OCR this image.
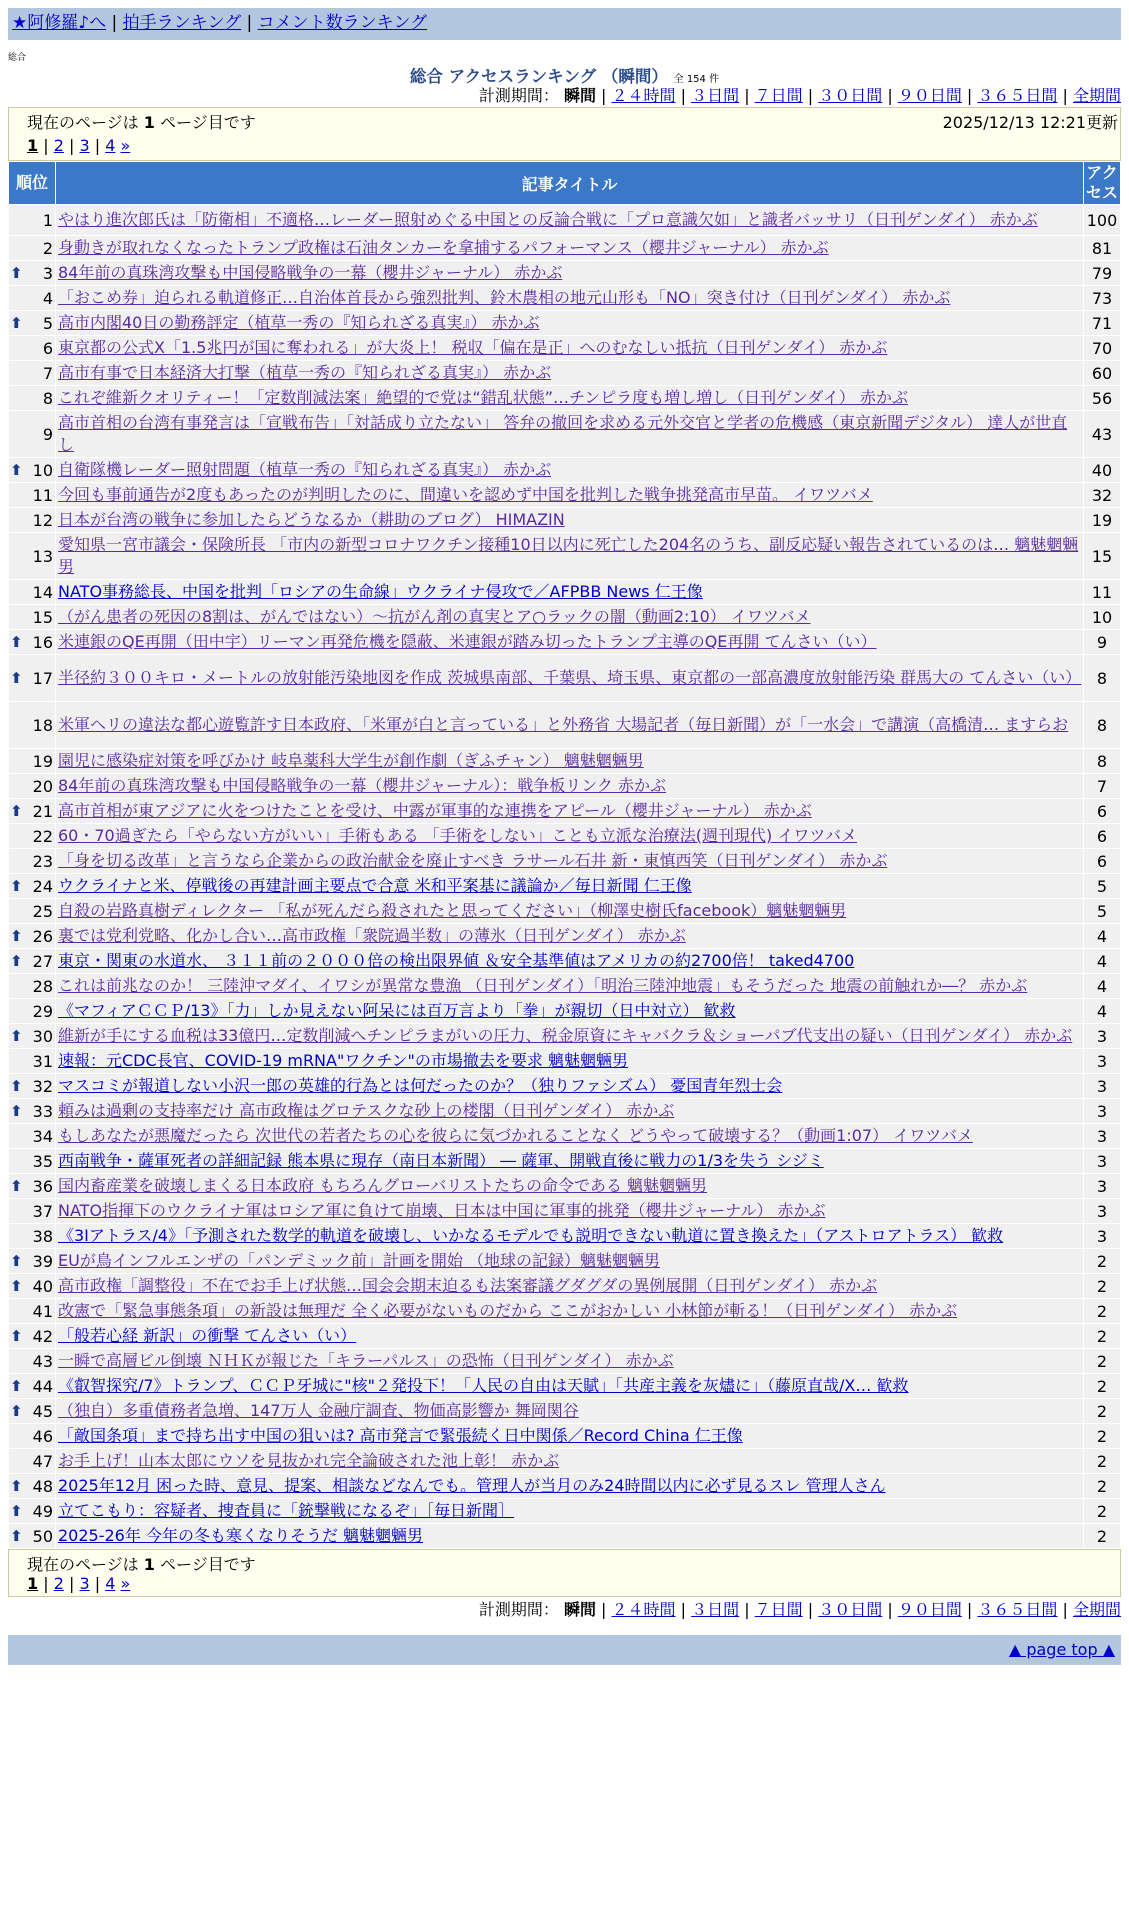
★阿修羅♪へ | 拍手ランキング | コメント数ランキング
総合
総合 アクセスランキング （瞬間） 全 154 件
計測期間： 瞬間 | ２４時間 | ３日間 | ７日間 | ３０日間 | ９０日間 | ３６５日間 | 全期間
現在のページは 1 ページ目です	2025/12/13 12:21更新
1 | 2 | 3 | 4 »
順位	記事タイトル	アクセス
1	やはり進次郎氏は「防衛相」不適格…レーダー照射めぐる中国との反論合戦に「プロ意識欠如」と識者バッサリ（日刊ゲンダイ） 赤かぶ	100
2	身動きが取れなくなったトランプ政権は石油タンカーを拿捕するパフォーマンス（櫻井ジャーナル） 赤かぶ	81

⬆ 3	84年前の真珠湾攻撃も中国侵略戦争の一幕（櫻井ジャーナル） 赤かぶ	79
4	「おこめ券」迫られる軌道修正…自治体首長から強烈批判、鈴木農相の地元山形も「NO」突き付け（日刊ゲンダイ） 赤かぶ	73

⬆ 5	高市内閣40日の勤務評定（植草一秀の『知られざる真実』） 赤かぶ	71
6	東京都の公式X「1.5兆円が国に奪われる」が大炎上！ 税収「偏在是正」へのむなしい抵抗（日刊ゲンダイ） 赤かぶ	70
7	高市有事で日本経済大打撃（植草一秀の『知られざる真実』） 赤かぶ	60
8	これぞ維新クオリティー！「定数削減法案」絶望的で党は“錯乱状態”…チンピラ度も増し増し（日刊ゲンダイ） 赤かぶ	56
9	高市首相の台湾有事発言は「宣戦布告」「対話成り立たない」 答弁の撤回を求める元外交官と学者の危機感（東京新聞デジタル） 達人が世直し	43

⬆ 10	自衛隊機レーダー照射問題（植草一秀の『知られざる真実』） 赤かぶ	40
11	今回も事前通告が2度もあったのが判明したのに、間違いを認めず中国を批判した戦争挑発高市早苗。 イワツバメ	32
12	日本が台湾の戦争に参加したらどうなるか（耕助のブログ） HIMAZIN	19
13	愛知県一宮市議会・保険所長 「市内の新型コロナワクチン接種10日以内に死亡した204名のうち、副反応疑い報告されているのは… 魑魅魍魎男	15
14	NATO事務総長、中国を批判「ロシアの生命線」ウクライナ侵攻で／AFPBB News 仁王像	11
15	（がん患者の死因の8割は、がんではない）～抗がん剤の真実とア○ラックの闇（動画2:10） イワツバメ	10

⬆ 16	米連銀のQE再開（田中宇）リーマン再発危機を隠蔽、米連銀が踏み切ったトランプ主導のQE再開 てんさい（い）	9

⬆ 17	半径約３００キロ・メートルの放射能汚染地図を作成 茨城県南部、千葉県、埼玉県、東京都の一部高濃度放射能汚染 群馬大の てんさい（い）	8
18	米軍ヘリの違法な都心遊覧許す日本政府、「米軍が白と言っている」と外務省 大場記者（毎日新聞）が「一水会」で講演（高橋清… ますらお	8
19	園児に感染症対策を呼びかけ 岐阜薬科大学生が創作劇（ぎふチャン） 魑魅魍魎男	8
20	84年前の真珠湾攻撃も中国侵略戦争の一幕（櫻井ジャーナル）：戦争板リンク 赤かぶ	7

⬆ 21	高市首相が東アジアに火をつけたことを受け、中露が軍事的な連携をアピール（櫻井ジャーナル） 赤かぶ	6
22	60・70過ぎたら「やらない方がいい」手術もある 「手術をしない」ことも立派な治療法(週刊現代) イワツバメ	6
23	「身を切る改革」と言うなら企業からの政治献金を廃止すべき ラサール石井 新・東慎西笑（日刊ゲンダイ） 赤かぶ	6

⬆ 24	ウクライナと米、停戦後の再建計画主要点で合意 米和平案基に議論か／毎日新聞 仁王像	5
25	自殺の岩路真樹ディレクター 「私が死んだら殺されたと思ってください」（柳澤史樹氏facebook）魑魅魍魎男	5

⬆ 26	裏では党利党略、化かし合い…高市政権「衆院過半数」の薄氷（日刊ゲンダイ） 赤かぶ	4

⬆ 27	東京・関東の水道水、 ３１１前の２０００倍の検出限界値 ＆安全基準値はアメリカの約2700倍！ taked4700	4
28	これは前兆なのか！ 三陸沖マダイ、イワシが異常な豊漁 （日刊ゲンダイ）「明治三陸沖地震」もそうだった 地震の前触れか―？ 赤かぶ	4
29	《マフィアＣＣＰ/13》「力」しか見えない阿呆には百万言より「拳」が親切（日中対立） 歓救	4

⬆ 30	維新が手にする血税は33億円…定数削減へチンピラまがいの圧力、税金原資にキャバクラ＆ショーパブ代支出の疑い（日刊ゲンダイ） 赤かぶ	3
31	速報：元CDC長官、COVID-19 mRNA"ワクチン"の市場撤去を要求 魑魅魍魎男	3

⬆ 32	マスコミが報道しない小沢一郎の英雄的行為とは何だったのか？（独りファシズム） 憂国青年烈士会	3

⬆ 33	頼みは過剰の支持率だけ 高市政権はグロテスクな砂上の楼閣（日刊ゲンダイ） 赤かぶ	3
34	もしあなたが悪魔だったら 次世代の若者たちの心を彼らに気づかれることなく どうやって破壊する？（動画1:07） イワツバメ	3
35	西南戦争・薩軍死者の詳細記録 熊本県に現存（南日本新聞） ― 薩軍、開戦直後に戦力の1/3を失う シジミ	3

⬆ 36	国内畜産業を破壊しまくる日本政府 もちろんグローバリストたちの命令である 魑魅魍魎男	3
37	NATO指揮下のウクライナ軍はロシア軍に負けて崩壊、日本は中国に軍事的挑発（櫻井ジャーナル） 赤かぶ	3
38	《3Iアトラス/4》「予測された数学的軌道を破壊し、いかなるモデルでも説明できない軌道に置き換えた」（アストロアトラス） 歓救	3

⬆ 39	EUが鳥インフルエンザの「パンデミック前」計画を開始 （地球の記録）魑魅魍魎男	2

⬆ 40	高市政権「調整役」不在でお手上げ状態…国会会期末迫るも法案審議グダグダの異例展開（日刊ゲンダイ） 赤かぶ	2
41	改憲で「緊急事態条項」の新設は無理だ 全く必要がないものだから ここがおかしい 小林節が斬る！（日刊ゲンダイ） 赤かぶ	2

⬆ 42	「般若心経 新訳」の衝撃 てんさい（い）	2
43	一瞬で高層ビル倒壊 ＮＨＫが報じた「キラーパルス」の恐怖（日刊ゲンダイ） 赤かぶ	2

⬆ 44	《叡智探究/7》トランプ、ＣＣＰ牙城に"核"２発投下！「人民の自由は天賦」「共産主義を灰燼に」（藤原直哉/X… 歓救	2

⬆ 45	（独自）多重債務者急増、147万人 金融庁調査、物価高影響か 舞岡関谷	2
46	「敵国条項」まで持ち出す中国の狙いは? 高市発言で緊張続く日中関係／Record China 仁王像	2
47	お手上げ！山本太郎にウソを見抜かれ完全論破された池上彰！ 赤かぶ	2

⬆ 48	2025年12月 困った時、意見、提案、相談などなんでも。管理人が当月のみ24時間以内に必ず見るスレ 管理人さん	2

⬆ 49	立てこもり：容疑者、捜査員に「銃撃戦になるぞ」［毎日新聞］	2

⬆ 50	2025-26年 今年の冬も寒くなりそうだ 魑魅魍魎男	2
現在のページは 1 ページ目です
1 | 2 | 3 | 4 »
計測期間： 瞬間 | ２４時間 | ３日間 | ７日間 | ３０日間 | ９０日間 | ３６５日間 | 全期間
▲ page top ▲
